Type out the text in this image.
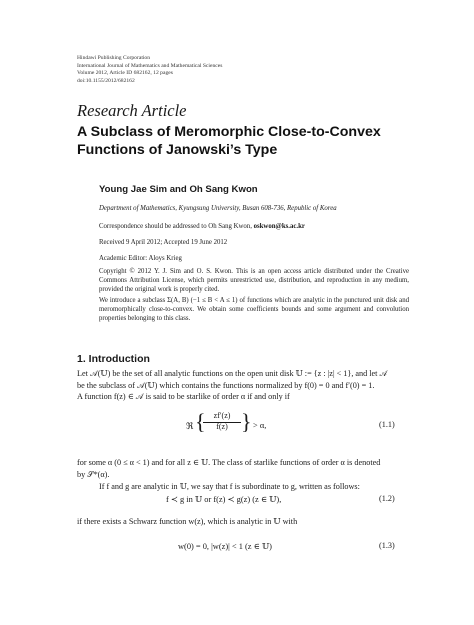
Hindawi Publishing Corporation
International Journal of Mathematics and Mathematical Sciences
Volume 2012, Article ID 682162, 12 pages
doi:10.1155/2012/682162
Research Article
A Subclass of Meromorphic Close-to-Convex
Functions of Janowski’s Type
Young Jae Sim and Oh Sang Kwon
Department of Mathematics, Kyungsung University, Busan 608-736, Republic of Korea
Correspondence should be addressed to Oh Sang Kwon, oskwon@ks.ac.kr
Received 9 April 2012; Accepted 19 June 2012
Academic Editor: Aloys Krieg
Copyright © 2012 Y. J. Sim and O. S. Kwon. This is an open access article distributed under the Creative Commons Attribution License, which permits unrestricted use, distribution, and reproduction in any medium, provided the original work is properly cited.
We introduce a subclass Σ(A, B) (−1 ≤ B < A ≤ 1) of functions which are analytic in the punctured unit disk and meromorphically close-to-convex. We obtain some coefficients bounds and some argument and convolution properties belonging to this class.
1. Introduction
Let 𝒜(𝕌) be the set of all analytic functions on the open unit disk 𝕌 := {z : |z| < 1}, and let 𝒜
be the subclass of 𝒜(𝕌) which contains the functions normalized by f(0) = 0 and f′(0) = 1.
A function f(z) ∈ 𝒜 is said to be starlike of order α if and only if
ℜ {	zf′(z)
f(z) } > α,	(1.1)
for some α (0 ≤ α < 1) and for all z ∈ 𝕌. The class of starlike functions of order α is denoted
by 𝒮*(α).
If f and g are analytic in 𝕌, we say that f is subordinate to g, written as follows:
f ≺ g in 𝕌 or f(z) ≺ g(z) (z ∈ 𝕌),	(1.2)
if there exists a Schwarz function w(z), which is analytic in 𝕌 with
w(0) = 0, |w(z)| < 1 (z ∈ 𝕌)	(1.3)
